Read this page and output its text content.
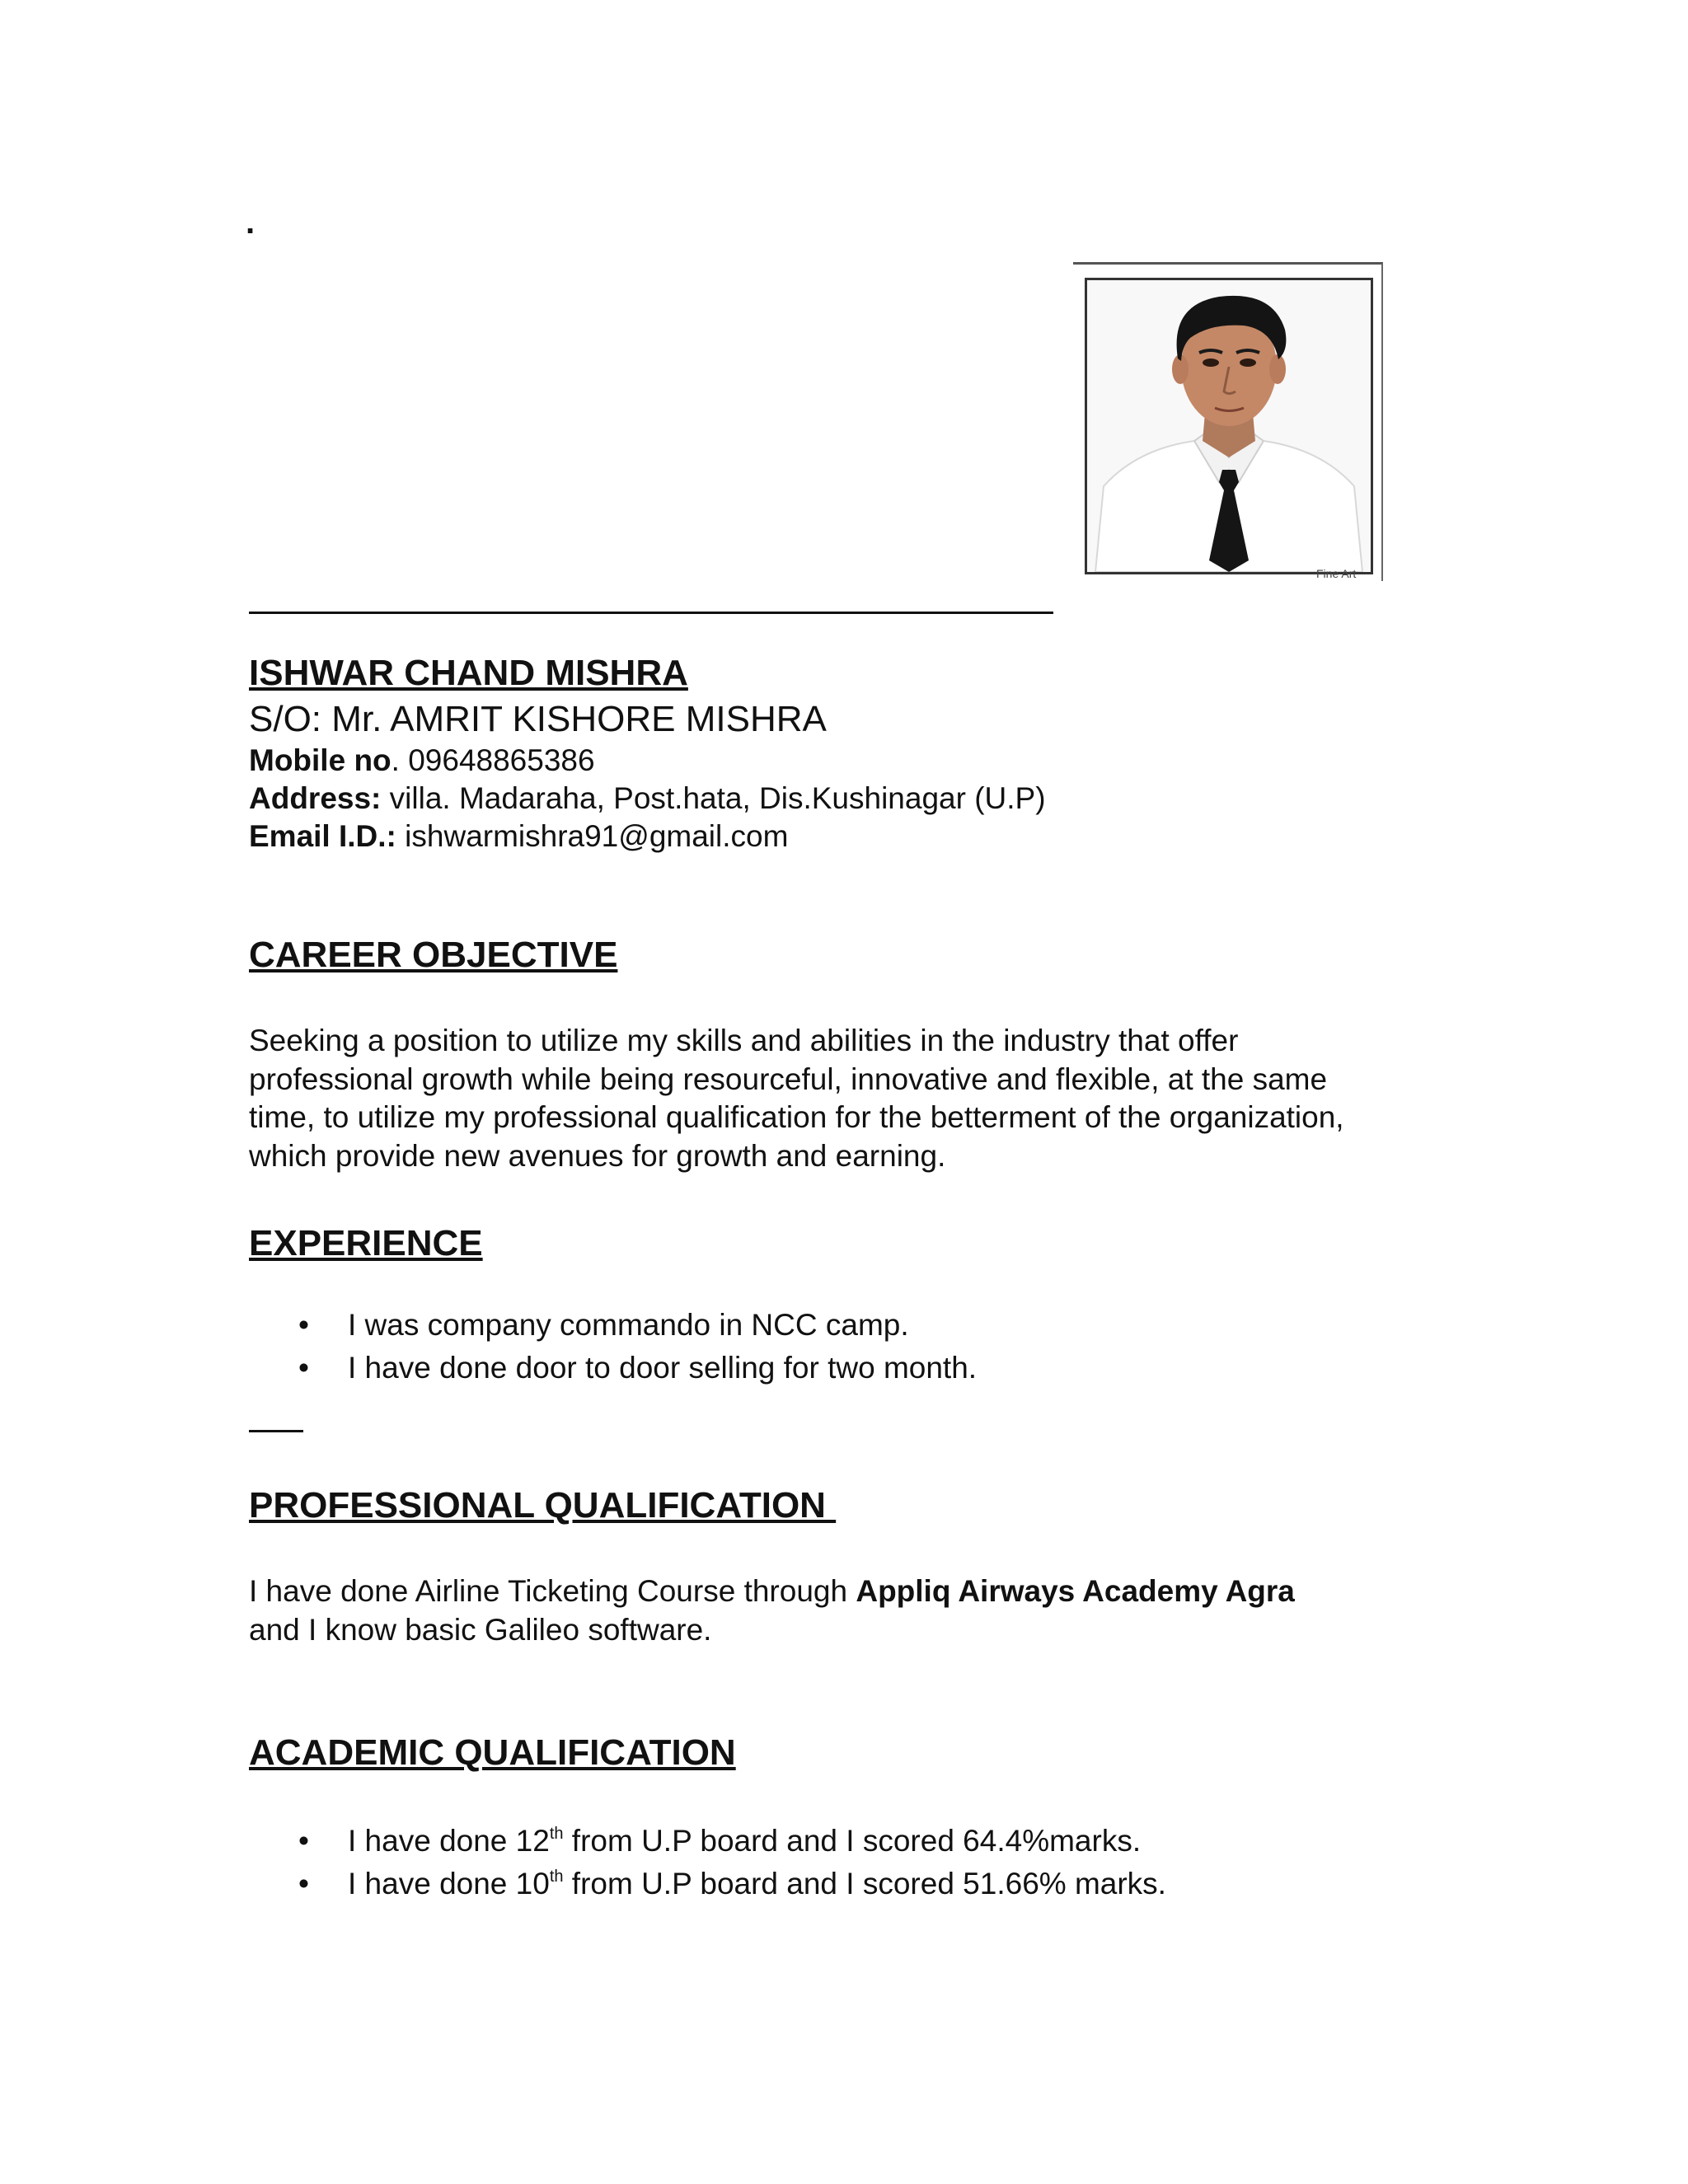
.
Fine Art
ISHWAR CHAND MISHRA
S/O: Mr. AMRIT KISHORE MISHRA
Mobile no. 09648865386
Address: villa. Madaraha, Post.hata, Dis.Kushinagar (U.P)
Email I.D.: ishwarmishra91@gmail.com
CAREER OBJECTIVE
Seeking a position to utilize my skills and abilities in the industry that offer
professional growth while being resourceful, innovative and flexible, at the same
time, to utilize my professional qualification for the betterment of the organization,
which provide new avenues for growth and earning.
EXPERIENCE
• I was company commando in NCC camp.
• I have done door to door selling for two month.
PROFESSIONAL QUALIFICATION
I have done Airline Ticketing Course through Appliq Airways Academy Agra
and I know basic Galileo software.
ACADEMIC QUALIFICATION
• I have done 12th from U.P board and I scored 64.4%marks.
• I have done 10th from U.P board and I scored 51.66% marks.
